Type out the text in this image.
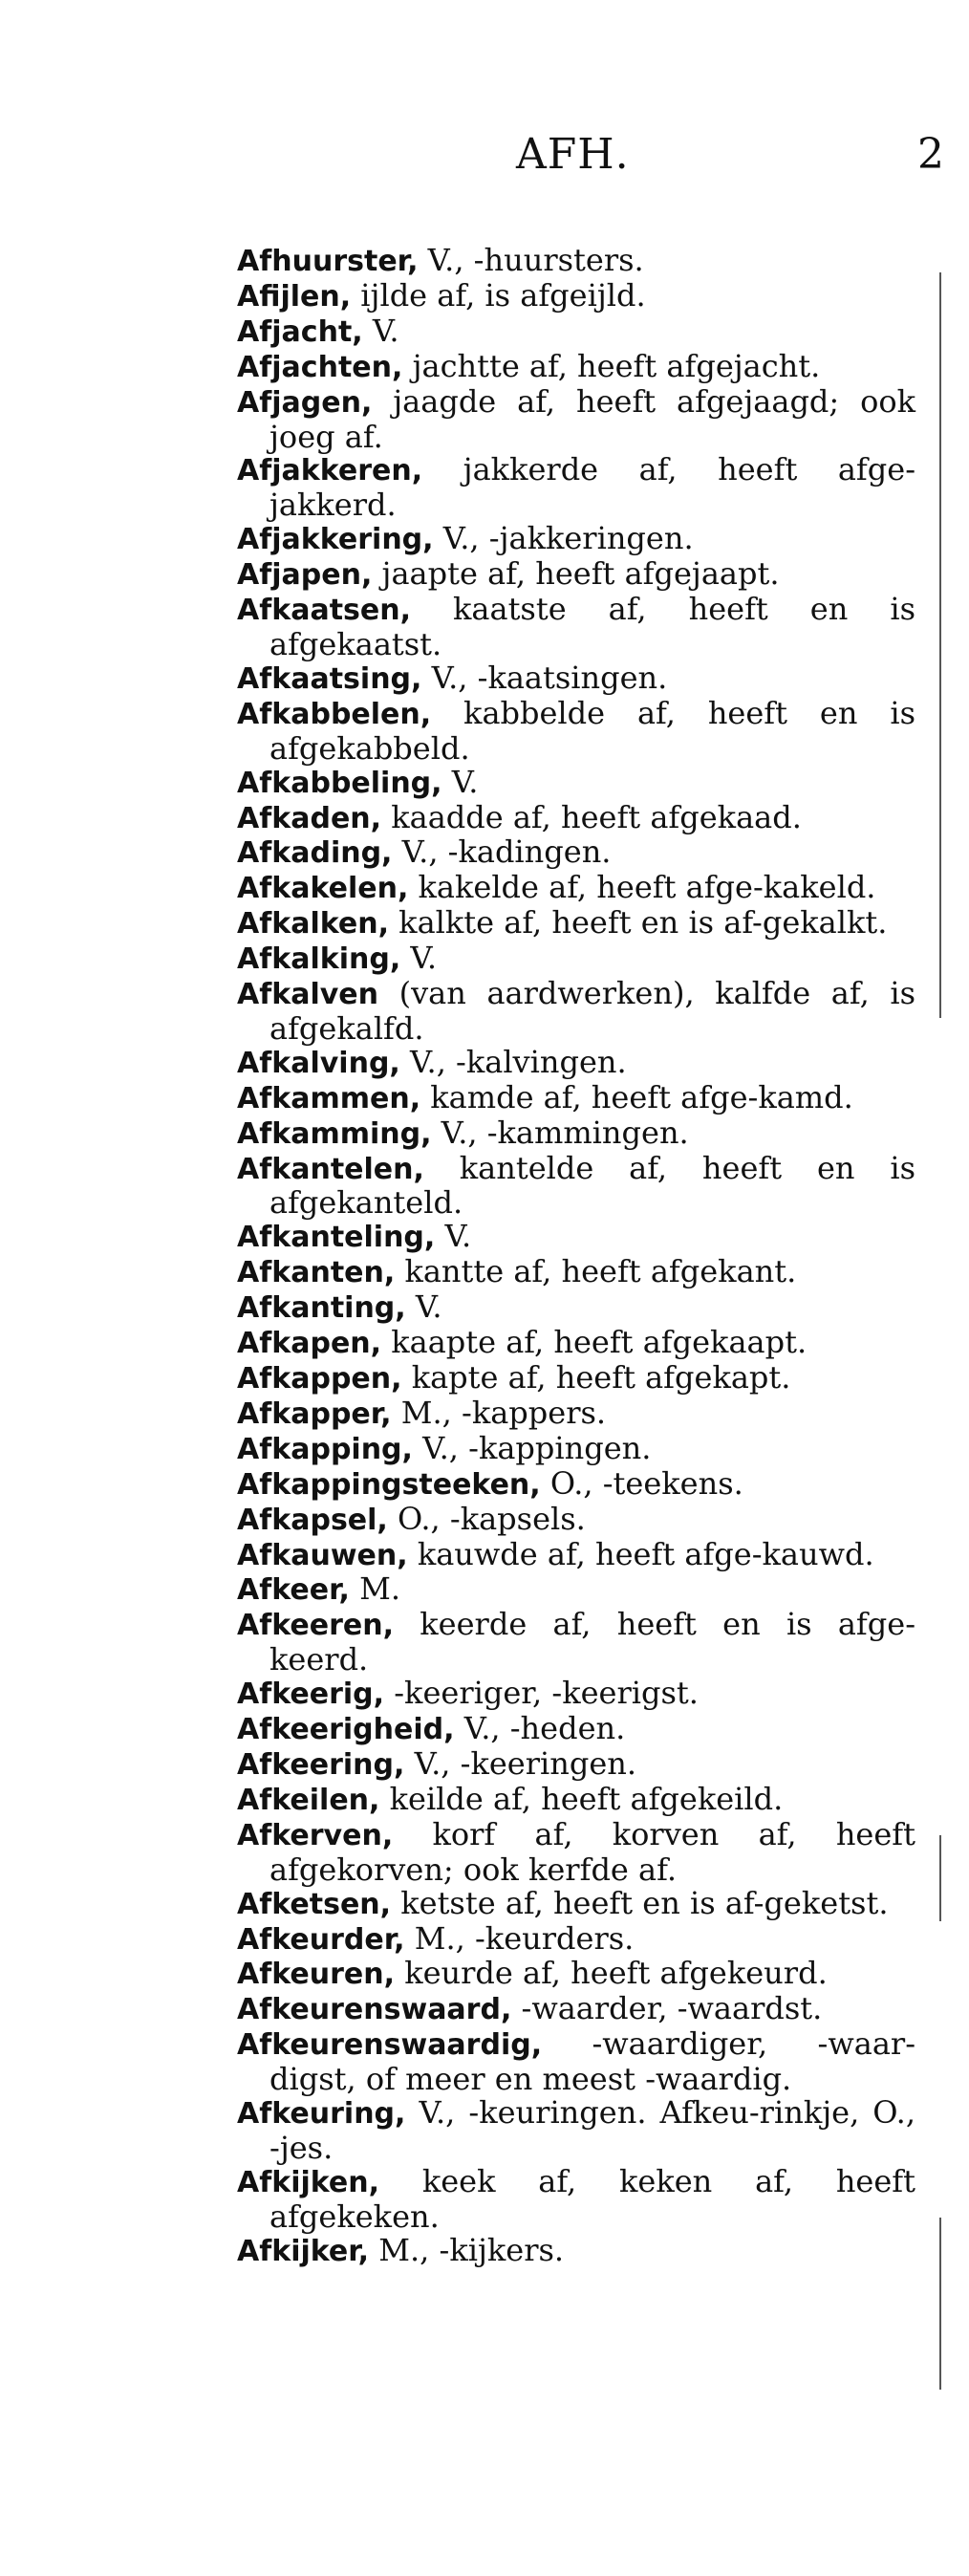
AFH.	2

Afhuurster, V., -huursters.

Afijlen, ijlde af, is afgeijld.

Afjacht, V.

Afjachten, jachtte af, heeft afgejacht.

Afjagen, jaagde af, heeft afgejaagd; ook joeg af.

Afjakkeren, jakkerde af, heeft afge-jakkerd.

Afjakkering, V., -jakkeringen.

Afjapen, jaapte af, heeft afgejaapt.

Afkaatsen, kaatste af, heeft en is afgekaatst.

Afkaatsing, V., -kaatsingen.

Afkabbelen, kabbelde af, heeft en is afgekabbeld.

Afkabbeling, V.

Afkaden, kaadde af, heeft afgekaad.

Afkading, V., -kadingen.

Afkakelen, kakelde af, heeft afge-kakeld.

Afkalken, kalkte af, heeft en is af-gekalkt.

Afkalking, V.

Afkalven (van aardwerken), kalfde af, is afgekalfd.

Afkalving, V., -kalvingen.

Afkammen, kamde af, heeft afge-kamd.

Afkamming, V., -kammingen.

Afkantelen, kantelde af, heeft en is afgekanteld.

Afkanteling, V.

Afkanten, kantte af, heeft afgekant.

Afkanting, V.

Afkapen, kaapte af, heeft afgekaapt.

Afkappen, kapte af, heeft afgekapt.

Afkapper, M., -kappers.

Afkapping, V., -kappingen.

Afkappingsteeken, O., -teekens.

Afkapsel, O., -kapsels.

Afkauwen, kauwde af, heeft afge-kauwd.

Afkeer, M.

Afkeeren, keerde af, heeft en is afge-keerd.

Afkeerig, -keeriger, -keerigst.

Afkeerigheid, V., -heden.

Afkeering, V., -keeringen.

Afkeilen, keilde af, heeft afgekeild.

Afkerven, korf af, korven af, heeft afgekorven; ook kerfde af.

Afketsen, ketste af, heeft en is af-geketst.

Afkeurder, M., -keurders.

Afkeuren, keurde af, heeft afgekeurd.

Afkeurenswaard, -waarder, -waardst.

Afkeurenswaardig, -waardiger, -waar-digst, of meer en meest -waardig.

Afkeuring, V., -keuringen. Afkeu-rinkje, O., -jes.

Afkijken, keek af, keken af, heeft afgekeken.

Afkijker, M., -kijkers.
